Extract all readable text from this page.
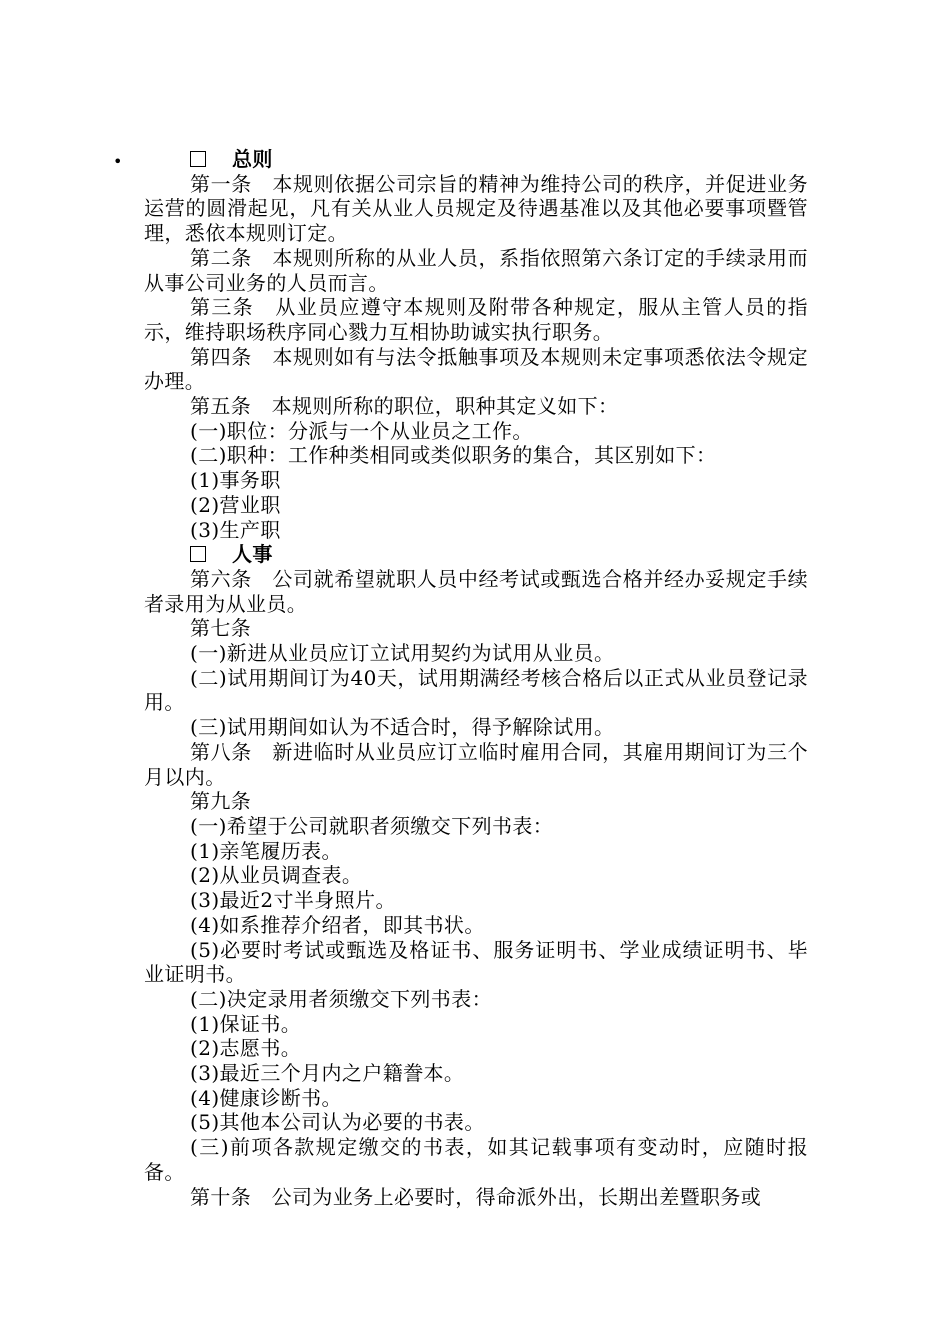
•	总则

第一条　本规则依据公司宗旨的精神为维持公司的秩序，并促进业务运营的圆滑起见，凡有关从业人员规定及待遇基准以及其他必要事项暨管理，悉依本规则订定。

第二条　本规则所称的从业人员，系指依照第六条订定的手续录用而从事公司业务的人员而言。

第三条　从业员应遵守本规则及附带各种规定，服从主管人员的指示，维持职场秩序同心戮力互相协助诚实执行职务。

第四条　本规则如有与法令抵触事项及本规则未定事项悉依法令规定办理。

第五条　本规则所称的职位，职种其定义如下：

(一)职位：分派与一个从业员之工作。

(二)职种：工作种类相同或类似职务的集合，其区别如下：

(1)事务职

(2)营业职

(3)生产职

人事

第六条　公司就希望就职人员中经考试或甄选合格并经办妥规定手续者录用为从业员。

第七条

(一)新进从业员应订立试用契约为试用从业员。

(二)试用期间订为40天，试用期满经考核合格后以正式从业员登记录用。

(三)试用期间如认为不适合时，得予解除试用。

第八条　新进临时从业员应订立临时雇用合同，其雇用期间订为三个月以内。

第九条

(一)希望于公司就职者须缴交下列书表：

(1)亲笔履历表。

(2)从业员调查表。

(3)最近2寸半身照片。

(4)如系推荐介绍者，即其书状。

(5)必要时考试或甄选及格证书、服务证明书、学业成绩证明书、毕业证明书。

(二)决定录用者须缴交下列书表：

(1)保证书。

(2)志愿书。

(3)最近三个月内之户籍誊本。

(4)健康诊断书。

(5)其他本公司认为必要的书表。

(三)前项各款规定缴交的书表，如其记载事项有变动时，应随时报备。

第十条　公司为业务上必要时，得命派外出，长期出差暨职务或
